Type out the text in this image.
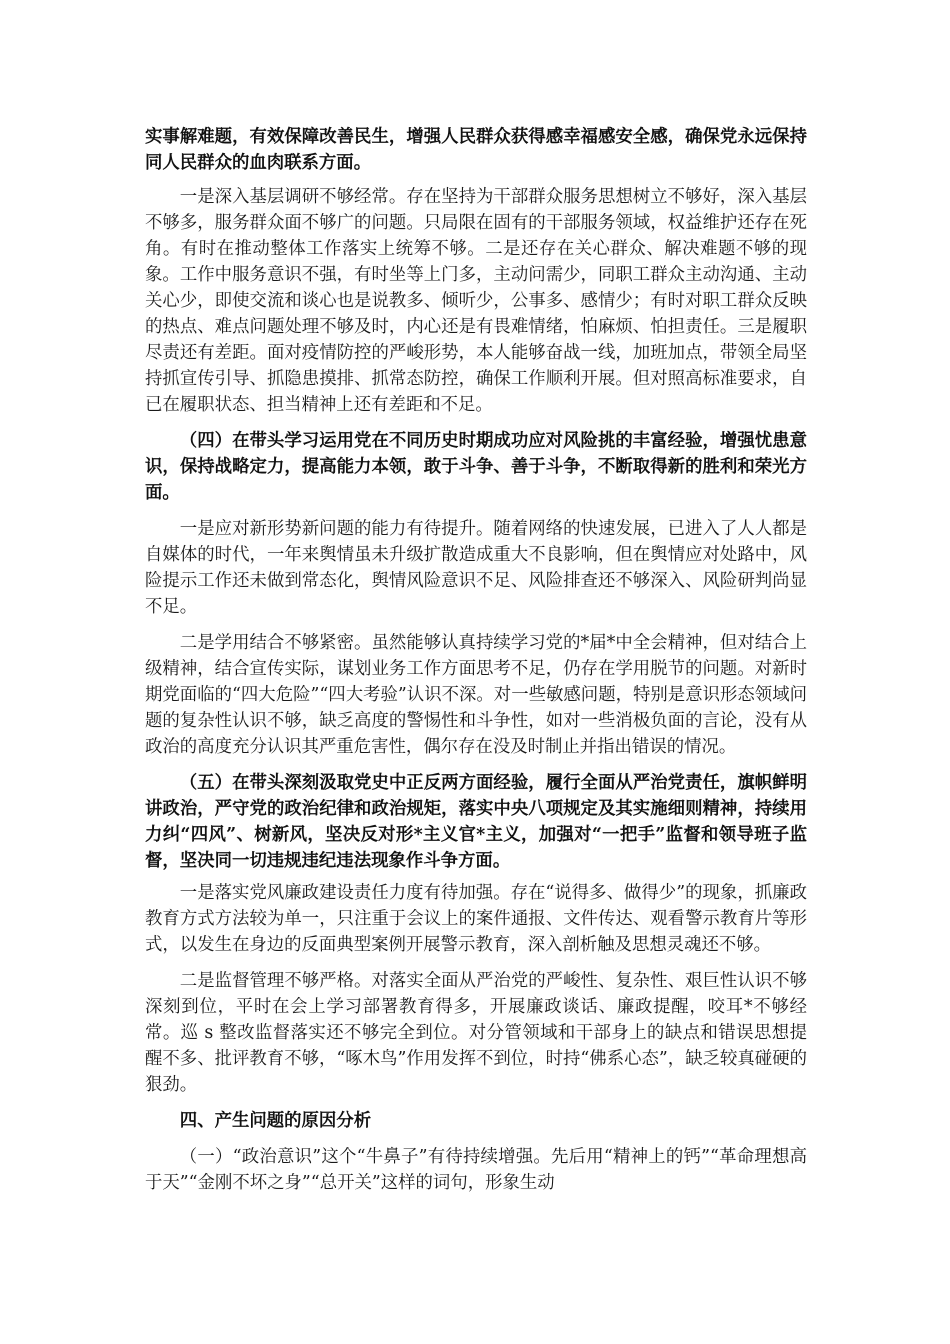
实事解难题，有效保障改善民生，增强人民群众获得感幸福感安全感，确保党永远保持同人民群众的血肉联系方面。

一是深入基层调研不够经常。存在坚持为干部群众服务思想树立不够好，深入基层不够多，服务群众面不够广的问题。只局限在固有的干部服务领域，权益维护还存在死角。有时在推动整体工作落实上统筹不够。二是还存在关心群众、解决难题不够的现象。工作中服务意识不强，有时坐等上门多，主动问需少，同职工群众主动沟通、主动关心少，即使交流和谈心也是说教多、倾听少，公事多、感情少；有时对职工群众反映的热点、难点问题处理不够及时，内心还是有畏难情绪，怕麻烦、怕担责任。三是履职尽责还有差距。面对疫情防控的严峻形势，本人能够奋战一线，加班加点，带领全局坚持抓宣传引导、抓隐患摸排、抓常态防控，确保工作顺利开展。但对照高标准要求，自已在履职状态、担当精神上还有差距和不足。

（四）在带头学习运用党在不同历史时期成功应对风险挑的丰富经验，增强忧患意识，保持战略定力，提高能力本领，敢于斗争、善于斗争，不断取得新的胜利和荣光方面。

一是应对新形势新问题的能力有待提升。随着网络的快速发展，已进入了人人都是自媒体的时代，一年来舆情虽未升级扩散造成重大不良影响，但在舆情应对处路中，风险提示工作还未做到常态化，舆情风险意识不足、风险排查还不够深入、风险研判尚显不足。

二是学用结合不够紧密。虽然能够认真持续学习党的*届*中全会精神，但对结合上级精神，结合宣传实际，谋划业务工作方面思考不足，仍存在学用脱节的问题。对新时期党面临的“四大危险”“四大考验”认识不深。对一些敏感问题，特别是意识形态领域问题的复杂性认识不够，缺乏高度的警惕性和斗争性，如对一些消极负面的言论，没有从政治的高度充分认识其严重危害性，偶尔存在没及时制止并指出错误的情况。

（五）在带头深刻汲取党史中正反两方面经验，履行全面从严治党责任，旗帜鲜明讲政治，严守党的政治纪律和政治规矩，落实中央八项规定及其实施细则精神，持续用力纠“四风”、树新风，坚决反对形*主义官*主义，加强对“一把手”监督和领导班子监督，坚决同一切违规违纪违法现象作斗争方面。

一是落实党风廉政建设责任力度有待加强。存在“说得多、做得少”的现象，抓廉政教育方式方法较为单一，只注重于会议上的案件通报、文件传达、观看警示教育片等形式，以发生在身边的反面典型案例开展警示教育，深入剖析触及思想灵魂还不够。

二是监督管理不够严格。对落实全面从严治党的严峻性、复杂性、艰巨性认识不够深刻到位，平时在会上学习部署教育得多，开展廉政谈话、廉政提醒，咬耳*不够经常。巡 s 整改监督落实还不够完全到位。对分管领域和干部身上的缺点和错误思想提醒不多、批评教育不够，“啄木鸟”作用发挥不到位，时持“佛系心态”，缺乏较真碰硬的狠劲。

四、产生问题的原因分析

（一）“政治意识”这个“牛鼻子”有待持续增强。先后用“精神上的钙”“革命理想高于天”“金刚不坏之身”“总开关”这样的词句，形象生动
